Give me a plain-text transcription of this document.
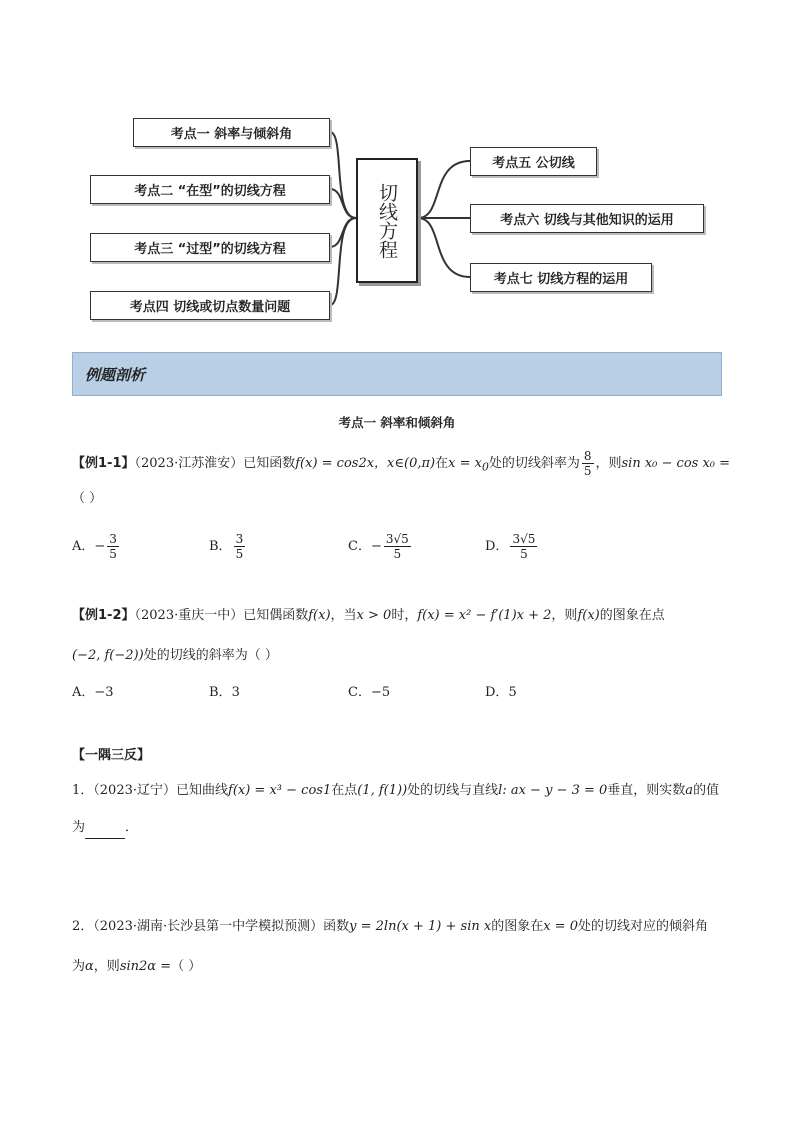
考点一 斜率与倾斜角
考点二 “在型”的切线方程
考点三 “过型”的切线方程
考点四 切线或切点数量问题
切线方程
考点五 公切线
考点六 切线与其他知识的运用
考点七 切线方程的运用
例题剖析
考点一 斜率和倾斜角
【例1-1】（2023·江苏淮安）已知函数f(x) = cos2x，x∈(0,π)在$x = x_0$处的切线斜率为 $\frac{8}{5}$ ，则sin x₀ − cos x₀ =
（ ）
A．− $\frac{3}{5}$	B． $\frac{3}{5}$	C．− $\frac{3√5}{5}$	D． $\frac{3√5}{5}$
【例1-2】（2023·重庆一中）已知偶函数f(x)，当x > 0时，f(x) = x² − f′(1)x + 2，则f(x)的图象在点
(−2, f(−2))处的切线的斜率为（ ）
A．−3	B．3	C．−5	D．5
【一隅三反】
1．（2023·辽宁）已知曲线f(x) = x³ − cos1在点(1, f(1))处的切线与直线l: ax − y − 3 = 0垂直，则实数a的值
为	．
2．（2023·湖南·长沙县第一中学模拟预测）函数y = 2ln(x + 1) + sin x的图象在x = 0处的切线对应的倾斜角
为α，则sin2α =（ ）
